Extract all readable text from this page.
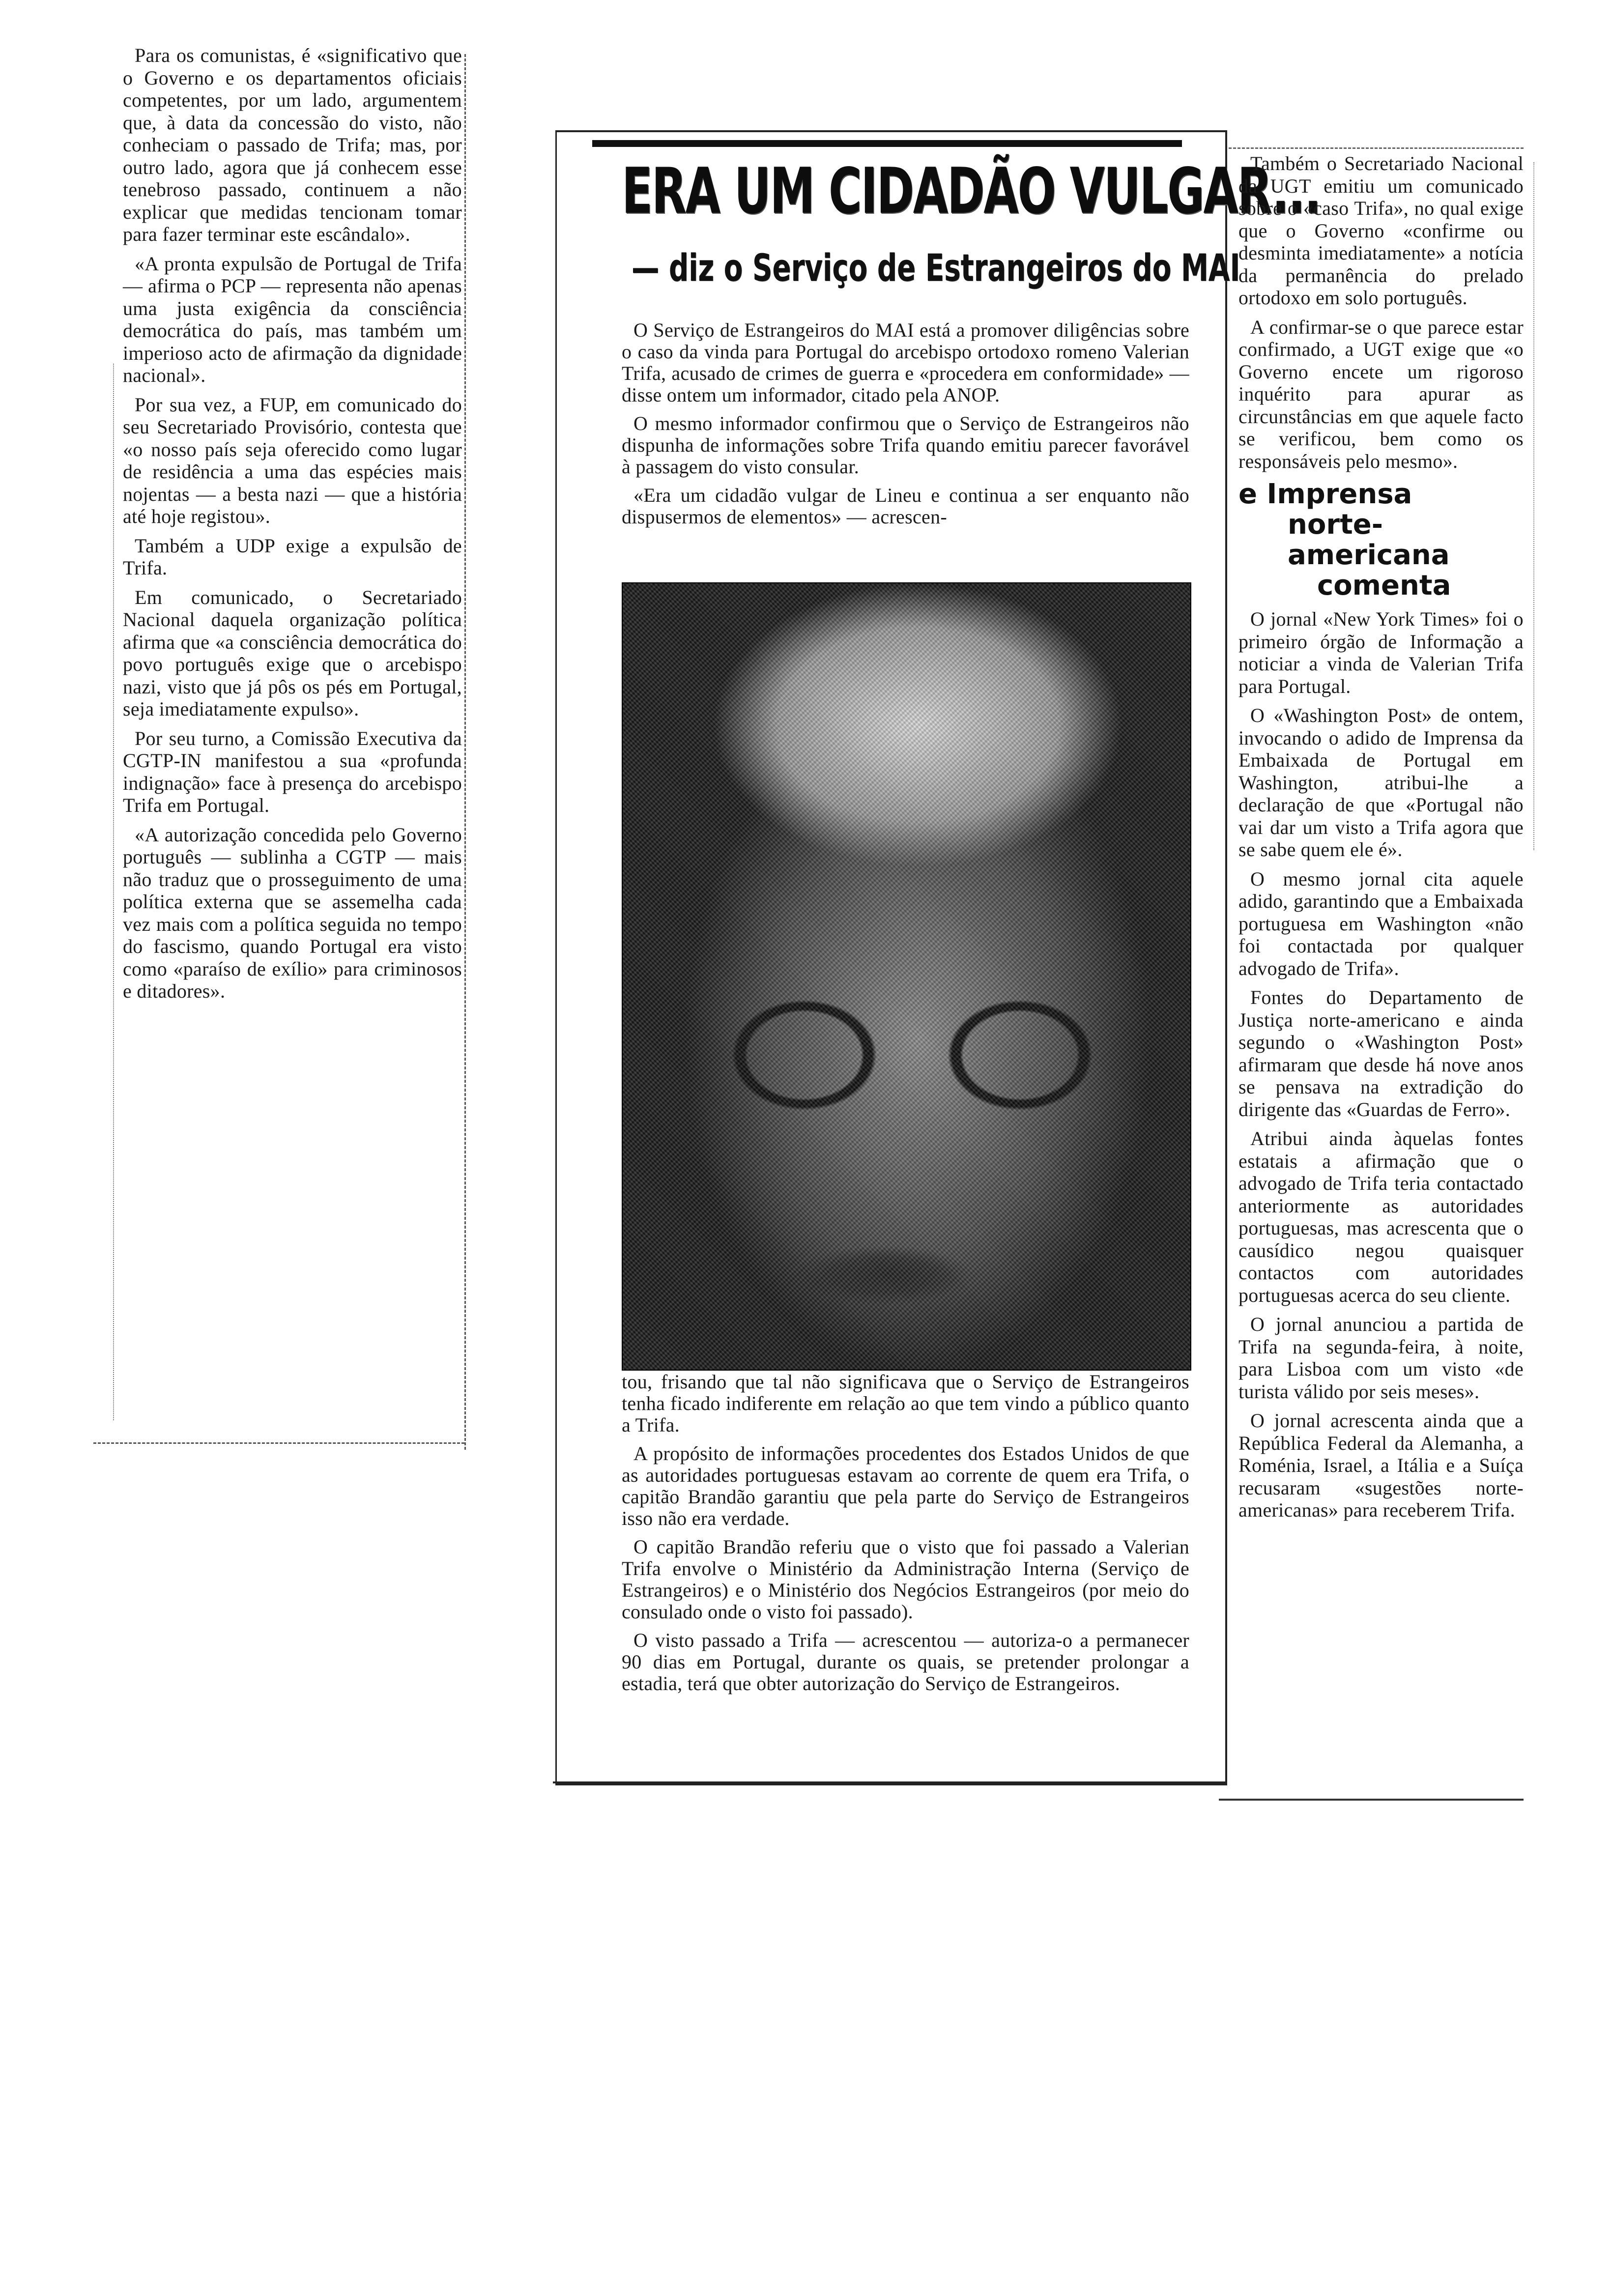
Para os comunistas, é «significativo que o Governo e os departamentos oficiais competentes, por um lado, argumentem que, à data da concessão do visto, não conheciam o passado de Trifa; mas, por outro lado, agora que já conhecem esse tenebroso passado, continuem a não explicar que medidas tencionam tomar para fazer terminar este escândalo».

«A pronta expulsão de Portugal de Trifa — afirma o PCP — representa não apenas uma justa exigência da consciência democrática do país, mas também um imperioso acto de afirmação da dignidade nacional».

Por sua vez, a FUP, em comunicado do seu Secretariado Provisório, contesta que «o nosso país seja oferecido como lugar de residência a uma das espécies mais nojentas — a besta nazi — que a história até hoje registou».

Também a UDP exige a expulsão de Trifa.

Em comunicado, o Secretariado Nacional daquela organização política afirma que «a consciência democrática do povo português exige que o arcebispo nazi, visto que já pôs os pés em Portugal, seja imediatamente expulso».

Por seu turno, a Comissão Executiva da CGTP-IN manifestou a sua «profunda indignação» face à presença do arcebispo Trifa em Portugal.

«A autorização concedida pelo Governo português — sublinha a CGTP — mais não traduz que o prosseguimento de uma política externa que se assemelha cada vez mais com a política seguida no tempo do fascismo, quando Portugal era visto como «paraíso de exílio» para criminosos e ditadores».

ERA UM CIDADÃO VULGAR...
— diz o Serviço de Estrangeiros do MAI

O Serviço de Estrangeiros do MAI está a promover diligências sobre o caso da vinda para Portugal do arcebispo ortodoxo romeno Valerian Trifa, acusado de crimes de guerra e «procedera em conformidade» — disse ontem um informador, citado pela ANOP.

O mesmo informador confirmou que o Serviço de Estrangeiros não dispunha de informações sobre Trifa quando emitiu parecer favorável à passagem do visto consular.

«Era um cidadão vulgar de Lineu e continua a ser enquanto não dispusermos de elementos» — acrescen-

tou, frisando que tal não significava que o Serviço de Estrangeiros tenha ficado indiferente em relação ao que tem vindo a público quanto a Trifa.

A propósito de informações procedentes dos Estados Unidos de que as autoridades portuguesas estavam ao corrente de quem era Trifa, o capitão Brandão garantiu que pela parte do Serviço de Estrangeiros isso não era verdade.

O capitão Brandão referiu que o visto que foi passado a Valerian Trifa envolve o Ministério da Administração Interna (Serviço de Estrangeiros) e o Ministério dos Negócios Estrangeiros (por meio do consulado onde o visto foi passado).

O visto passado a Trifa — acrescentou — autoriza-o a permanecer 90 dias em Portugal, durante os quais, se pretender prolongar a estadia, terá que obter autorização do Serviço de Estrangeiros.

Também o Secretariado Nacional da UGT emitiu um comunicado sobre o «caso Trifa», no qual exige que o Governo «confirme ou desminta imediatamente» a notícia da permanência do prelado ortodoxo em solo português.

A confirmar-se o que parece estar confirmado, a UGT exige que «o Governo encete um rigoroso inquérito para apurar as circunstâncias em que aquele facto se verificou, bem como os responsáveis pelo mesmo».

e Imprensa
norte-americana
comenta

O jornal «New York Times» foi o primeiro órgão de Informação a noticiar a vinda de Valerian Trifa para Portugal.

O «Washington Post» de ontem, invocando o adido de Imprensa da Embaixada de Portugal em Washington, atribui-lhe a declaração de que «Portugal não vai dar um visto a Trifa agora que se sabe quem ele é».

O mesmo jornal cita aquele adido, garantindo que a Embaixada portuguesa em Washington «não foi contactada por qualquer advogado de Trifa».

Fontes do Departamento de Justiça norte-americano e ainda segundo o «Washington Post» afirmaram que desde há nove anos se pensava na extradição do dirigente das «Guardas de Ferro».

Atribui ainda àquelas fontes estatais a afirmação que o advogado de Trifa teria contactado anteriormente as autoridades portuguesas, mas acrescenta que o causídico negou quaisquer contactos com autoridades portuguesas acerca do seu cliente.

O jornal anunciou a partida de Trifa na segunda-feira, à noite, para Lisboa com um visto «de turista válido por seis meses».

O jornal acrescenta ainda que a República Federal da Alemanha, a Roménia, Israel, a Itália e a Suíça recusaram «sugestões norte-americanas» para receberem Trifa.
